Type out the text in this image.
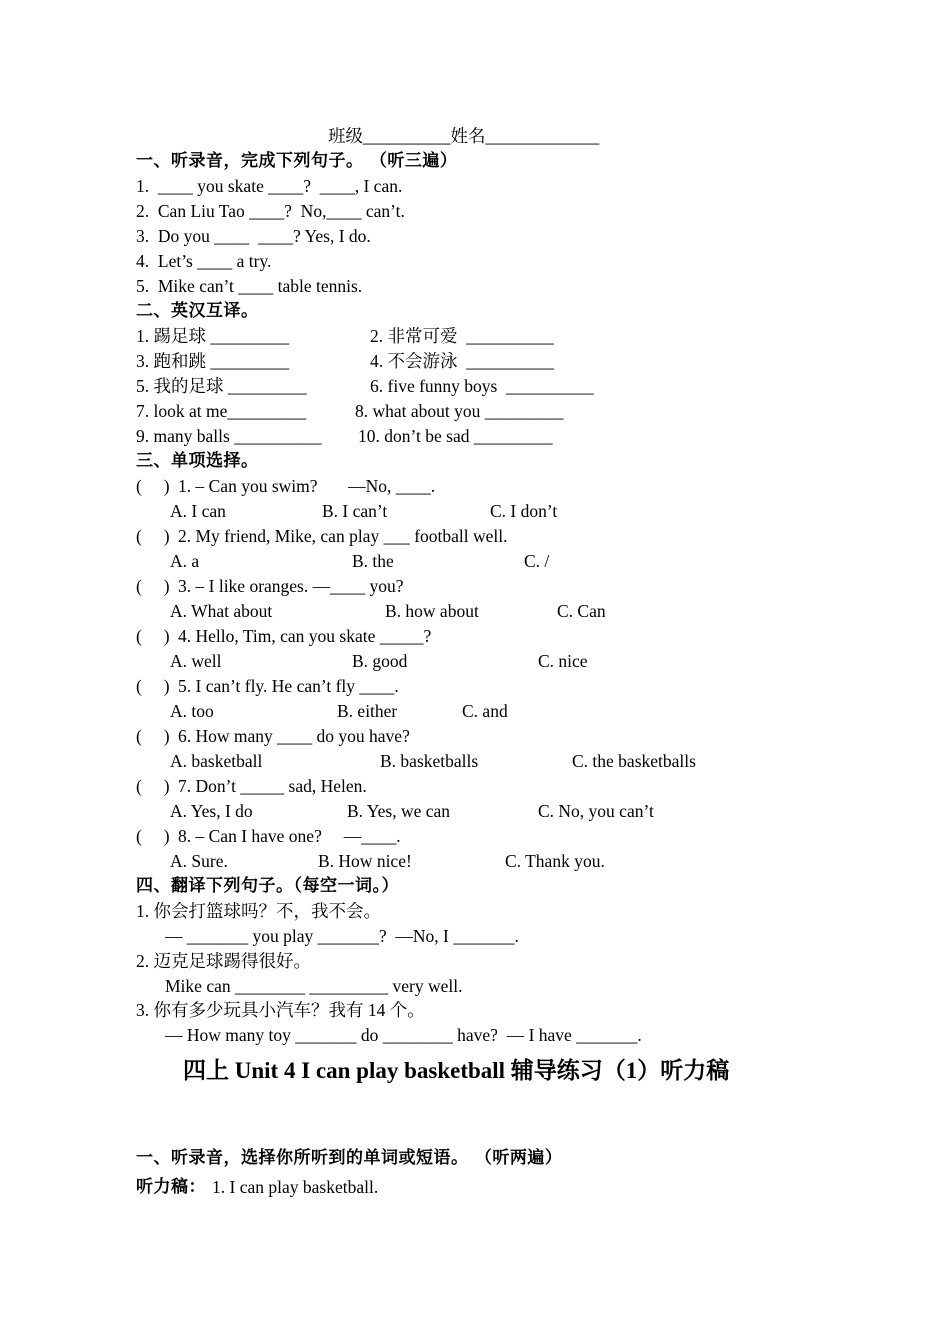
班级__________姓名_____________
一、听录音，完成下列句子。 （听三遍）
1.  ____ you skate ____?  ____, I can.
2.  Can Liu Tao ____?  No,____ can’t.
3.  Do you ____  ____? Yes, I do.
4.  Let’s ____ a try.
5.  Mike can’t ____ table tennis.
二、英汉互译。
1. 踢足球 _________	2. 非常可爱  __________
3. 跑和跳 _________	4. 不会游泳  __________
5. 我的足球 _________	6. five funny boys  __________
7. look at me_________	8. what about you _________
9. many balls __________ 10. don’t be sad _________
三、单项选择。
(     ) 1. – Can you swim?       —No, ____.
A. I can	B. I can’t	C. I don’t
(     ) 2. My friend, Mike, can play ___ football well.
A. a	B. the	C. /
(     ) 3. – I like oranges. —____ you?
A. What about	B. how about	C. Can
(     ) 4. Hello, Tim, can you skate _____?
A. well	B. good	C. nice
(     ) 5. I can’t fly. He can’t fly ____.
A. too	B. either	C. and
(     ) 6. How many ____ do you have?
A. basketball	B. basketballs	C. the basketballs
(     ) 7. Don’t _____ sad, Helen.
A. Yes, I do	B. Yes, we can	C. No, you can’t
(     ) 8. – Can I have one?     —____.
A. Sure.	B. How nice!	C. Thank you.
四、翻译下列句子。（每空一词。）
1. 你会打篮球吗？不，我不会。
— _______ you play _______?  —No, I _______.
2. 迈克足球踢得很好。
Mike can ________ _________ very well.
3. 你有多少玩具小汽车？我有 14 个。
— How many toy _______ do ________ have?  — I have _______.
四上 Unit 4 I can play basketball 辅导练习（1）听力稿
一、听录音，选择你所听到的单词或短语。 （听两遍）
听力稿： 1. I can play basketball.
